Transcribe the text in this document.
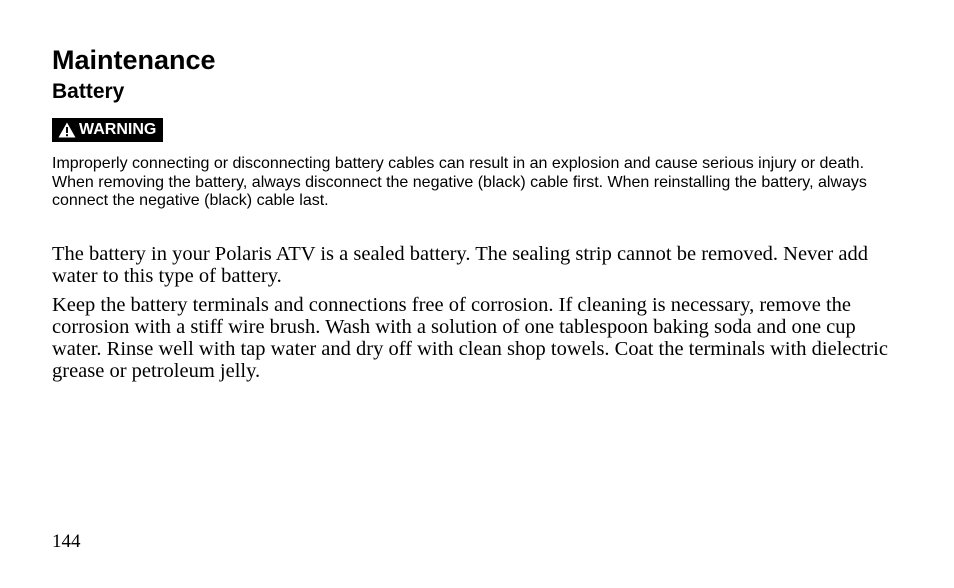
Maintenance
Battery
WARNING

Improperly connecting or disconnecting battery cables can result in an explosion and cause serious injury or death. When removing the battery, always disconnect the negative (black) cable first. When reinstalling the battery, always connect the negative (black) cable last.

The battery in your Polaris ATV is a sealed battery. The sealing strip cannot be removed. Never add water to this type of battery.

Keep the battery terminals and connections free of corrosion. If cleaning is necessary, remove the corrosion with a stiff wire brush. Wash with a solution of one tablespoon baking soda and one cup water. Rinse well with tap water and dry off with clean shop towels. Coat the terminals with dielectric grease or petroleum jelly.

144
